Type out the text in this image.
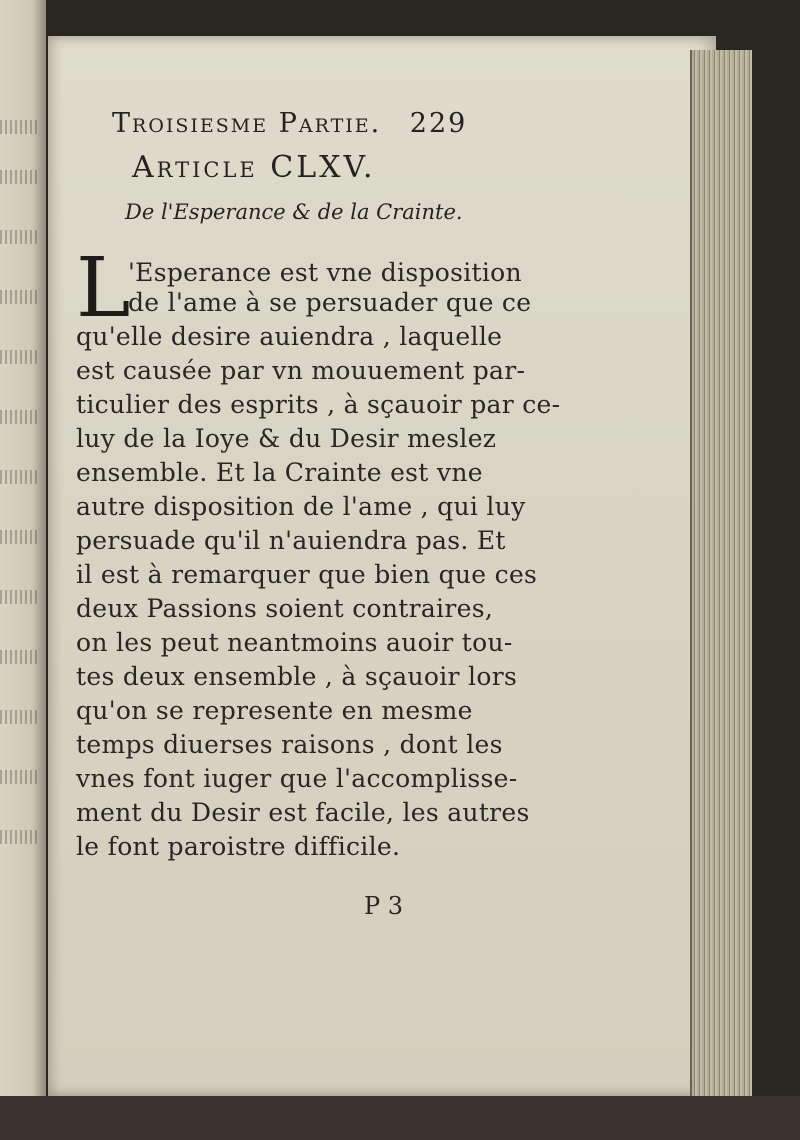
Troisiesme Partie. 229
Article CLXV.
De l'Esperance & de la Crainte.
L
'Esperance est vne disposition
de l'ame à se persuader que ce
qu'elle desire auiendra , laquelle
est causée par vn mouuement par-
ticulier des esprits , à sçauoir par ce-
luy de la Ioye & du Desir meslez
ensemble. Et la Crainte est vne
autre disposition de l'ame , qui luy
persuade qu'il n'auiendra pas. Et
il est à remarquer que bien que ces
deux Passions soient contraires,
on les peut neantmoins auoir tou-
tes deux ensemble , à sçauoir lors
qu'on se represente en mesme
temps diuerses raisons , dont les
vnes font iuger que l'accomplisse-
ment du Desir est facile, les autres
le font paroistre difficile.
P 3
